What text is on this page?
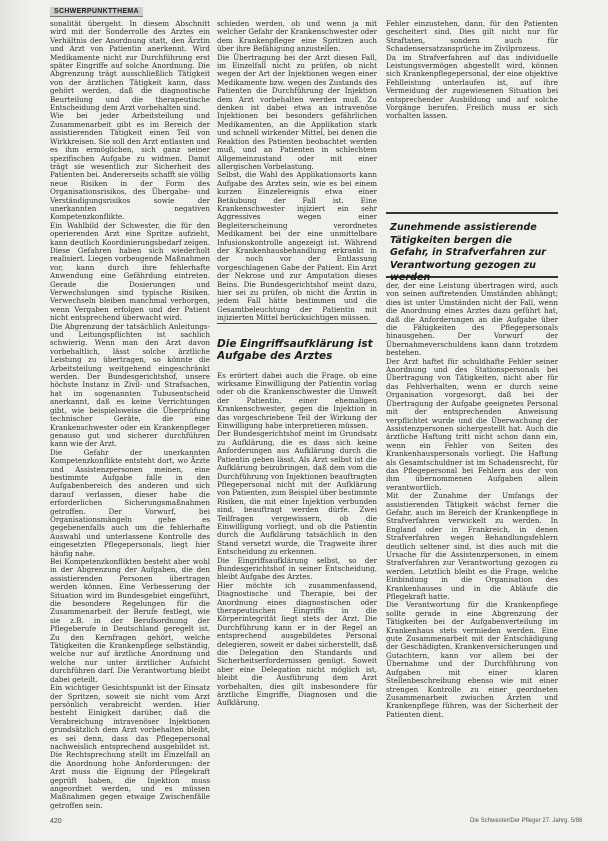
SCHWERPUNKTTHEMA

sonalität übergeht. In diesem Abschnitt wird mit der Sonderrolle des Arztes ein Verhältnis der Anordnung statt, den Ärztin und Arzt von Patientin anerkennt. Wird Medikamente nicht zur Durchführung erst später Eingriffe auf solche Anordnung. Die Abgrenzung trägt ausschließlich Tätigkeit von der ärztlichen Tätigkeit kann, dass gehört werden, daß die diagnostische Beurteilung und die therapeutische Entscheidung dem Arzt vorbehalten sind.

Wie bei jeder Arbeitsteilung und Zusammenarbeit gibt es im Bereich der assistierenden Tätigkeit einen Teil von Wirkkreisen. Sie soll den Arzt entlasten und es ihm ermöglichen, sich ganz seiner spezifischen Aufgabe zu widmen. Damit trägt sie wesentlich zur Sicherheit des Patienten bei. Andererseits schafft sie völlig neue Risiken in der Form des Organisationsrisikos, des Übergabe- und Verständigungsrisikos sowie der unerkannten negativen Kompetenzkonflikte.

Ein Wahlbild der Schwester, die für den operierenden Arzt eine Spritze aufzieht, kann deutlich Koordinierungsbedarf zeigen. Diese Gefahren haben sich wiederholt realisiert. Liegen vorbeugende Maßnahmen vor, kann durch ihre fehlerhafte Anwendung eine Gefährdung eintreten. Gerade die Dosierungen und Verwechslungen sind typische Risiken. Verwechseln bleiben manchmal verborgen, wenn Vergaben erfolgen und der Patient nicht entsprechend überwacht wird.

Die Abgrenzung der tatsächlich Anleitungs- und Leitungspflichten ist sachlich schwierig. Wenn man den Arzt davon vorbehaltlich, lässt solche ärztliche Leistung zu übertragen, so könnte die Arbeitsteilung weitgehend eingeschränkt werden. Der Bundesgerichtshof, unsere höchste Instanz in Zivil- und Strafsachen, hat im sogenannten Tubusentscheid anerkannt, daß es keine Verrichtungen gibt, wie beispielsweise die Überprüfung technischer Geräte, die eine Krankenschwester oder ein Krankenpfleger genauso gut und sicherer durchführen kann wie der Arzt.

Die Gefahr der unerkannten Kompetenzkonflikte entsteht dort, wo Ärzte und Assistenzpersonen meinen, eine bestimmte Aufgabe falle in den Aufgabenbereich des anderen und sich darauf verlassen, dieser habe die erforderlichen Sicherungsmaßnahmen getroffen. Der Vorwurf, bei Organisationsmängeln gehe es gegebenenfalls auch um die fehlerhafte Auswahl und unterlassene Kontrolle des eingesetzten Pflegepersonals, liegt hier häufig nahe.

Bei Kompetenzkonflikten besteht aber wohl in der Abgrenzung der Aufgaben, die den assistierenden Personen übertragen werden können. Eine Verbesserung der Situation wird im Bundesgebiet eingeführt, die besondere Regelungen für die Zusammenarbeit der Berufe festlegt, wie sie z.B. in der Berufsordnung der Pflegeberufe in Deutschland geregelt ist. Zu den Kernfragen gehört, welche Tätigkeiten die Krankenpflege selbständig, welche nur auf ärztliche Anordnung und welche nur unter ärztlicher Aufsicht durchführen darf. Die Verantwortung bleibt dabei geteilt.

Ein wichtiger Gesichtspunkt ist der Einsatz der Spritzen, soweit sie nicht vom Arzt persönlich verabreicht werden. Hier besteht Einigkeit darüber, daß die Verabreichung intravenöser Injektionen grundsätzlich dem Arzt vorbehalten bleibt, es sei denn, dass das Pflegepersonal nachweislich entsprechend ausgebildet ist. Die Rechtsprechung stellt im Einzelfall an die Anordnung hohe Anforderungen: der Arzt muss die Eignung der Pflegekraft geprüft haben, die Injektion muss angeordnet werden, und es müssen Maßnahmen gegen etwaige Zwischenfälle getroffen sein.

schieden werden, ob und wenn ja mit welcher Gefahr der Krankenschwester oder dem Krankenpfleger eine Spritzen auch über ihre Befähigung anzustellen.

Die Übertragung bei der Arzt diesen Fall, im Einzelfall nicht zu prüfen, ob nicht wegen der Art der Injektionen wegen einer Medikamente bzw. wegen des Zustands des Patienten die Durchführung der Injektion dem Arzt vorbehalten werden muß. Zu denken ist dabei etwa an intravenöse Injektionen bei besonders gefährlichen Medikamenten, an die Applikation stark und schnell wirkender Mittel, bei denen die Reaktion des Patienten beobachtet werden muß, und an Patienten in schlechtem Allgemeinzustand oder mit einer allergischen Vorbelastung.

Selbst, die Wahl des Applikationsorts kann Aufgabe des Arztes sein, wie es bei einem kurzen Einzelereignis etwa einer Betäubung der Fall ist. Eine Krankenschwester injiziert ein sehr Aggressives wegen einer Begleiterscheinung verordnetes Medikament bei der eine unmittelbare Infusionskontrolle angezeigt ist. Während der Krankenhausbehandlung erkrankt in der noch vor der Entlassung vorgeschlagenen Gabe der Patient. Ein Arzt der Nekrose und zur Amputation dieses Beins. Die Bundesgerichtshof meint dazu, hier sei zu prüfen, ob nicht die Ärztin in jedem Fall hätte bestimmen und die Gesamtbeleuchtung der Patientin mit injizierten Mittel berücksichtigen müssen.

Die Eingriffsaufklärung ist Aufgabe des Arztes

Es erörtert dabei auch die Frage, ob eine wirksame Einwilligung der Patientin vorlag oder ob die Krankenschwester die Umwelt der Patientin, einer ehemaligen Krankenschwester, gegen die Injektion in das vorgeschriebene Teil der Wirkung der Einwilligung habe interpretieren müssen.

Der Bundesgerichtshof meint im Grundsatz zu Aufklärung, die es dass sich keine Anforderungen aus Aufklärung durch die Patientin geben lässt. Als Arzt selbst ist die Aufklärung beizubringen, daß dem vom die Durchführung von Injektionen beauftragten Pflegepersonal nicht mit der Aufklärung von Patienten, zum Beispiel über bestimmte Risiken, die mit einer Injektion verbunden sind, beauftragt werden dürfe. Zwei Teilfragen vergewissern, ob die Einwilligung vorliegt, und ob die Patientin durch die Aufklärung tatsächlich in den Stand versetzt wurde, die Tragweite ihrer Entscheidung zu erkennen.

Die Eingriffsaufklärung selbst, so der Bundesgerichtshof in seiner Entscheidung, bleibt Aufgabe des Arztes.

Hier möchte ich zusammenfassend, Diagnostische und Therapie, bei der Anordnung eines diagnostischen oder therapeutischen Eingriffs in die Körperintegrität liegt stets der Arzt. Die Durchführung kann er in der Regel an entsprechend ausgebildetes Personal delegieren, soweit er dabei sicherstellt, daß die Delegation den Standards und Sicherheitserfordernissen genügt. Soweit aber eine Delegation nicht möglich ist, bleibt die Ausführung dem Arzt vorbehalten, dies gilt insbesondere für ärztliche Eingriffe, Diagnosen und die Aufklärung.

Fehler einzustehen, dann, für den Patienten gescheitert sind. Dies gilt nicht nur für Straftaten, sondern auch für Schadensersatzansprüche im Zivilprozess.

Da im Strafverfahren auf das individuelle Leistungsvermögen abgestellt wird, können sich Krankenpflegepersonal, der eine objektive Fehlleistung unterlaufen ist, auf ihre Vermeidung der zugewiesenen Situation bei entsprechender Ausbildung und auf solche Vorgänge berufen. Freilich muss er sich vorhalten lassen.

Zunehmende assistierende Tätigkeiten bergen die Gefahr, in Strafverfahren zur Verantwortung gezogen zu werden

der, der eine Leistung übertragen wird, auch von seinen auftretenden Umständen abhängt; dies ist unter Umständen nicht der Fall, wenn die Anordnung eines Arztes dazu geführt hat, daß die Anforderungen an die Aufgabe über die Fähigkeiten des Pflegepersonals hinausgehen. Der Vorwurf der Übernahmeverschuldens kann dann trotzdem bestehen.

Der Arzt haftet für schuldhafte Fehler seiner Anordnung und des Stationspersonals bei Übertragung von Tätigkeiten, nicht aber für das Fehlverhalten, wenn er durch seine Organisation vorgesorgt, daß bei der Übertragung der Aufgabe geeignetes Personal mit der entsprechenden Anweisung verpflichtet wurde und die Überwachung der Assistenzpersonen sichergestellt hat. Auch die ärztliche Haftung tritt nicht schon dann ein, wenn ein Fehler von Seiten des Krankenhauspersonals vorliegt. Die Haftung als Gesamtschuldner ist im Schadensrecht, für das Pflegepersonal bei Fehlern aus der von ihm übernommenen Aufgaben allein verantwortlich.

Mit der Zunahme der Umfangs der assistierenden Tätigkeit wächst ferner die Gefahr, auch im Bereich der Krankenpflege in Strafverfahren verwickelt zu werden. In England oder in Frankreich, in denen Strafverfahren wegen Behandlungsfehlern deutlich seltener sind, ist dies auch mit die Ursache für die Assistenzpersonen, in einem Strafverfahren zur Verantwortung gezogen zu werden. Letztlich bleibt es die Frage, welche Einbindung in die Organisation des Krankenhauses und in die Abläufe die Pflegekraft hatte.

Die Verantwortung für die Krankenpflege sollte gerade in eine Abgrenzung der Tätigkeiten bei der Aufgabenverteilung im Krankenhaus stets vermieden werden. Eine gute Zusammenarbeit mit der Entschädigung der Geschädigten, Krankenversicherungen und Gutachtern, kann vor allem bei der Übernahme und der Durchführung von Aufgaben mit einer klaren Stellenbeschreibung ebenso wie mit einer strengen Kontrolle zu einer geordneten Zusammenarbeit zwischen Ärzten und Krankenpflege führen, was der Sicherheit der Patienten dient.

420	Die Schwester/Der Pfleger 27. Jahrg. 5/88
